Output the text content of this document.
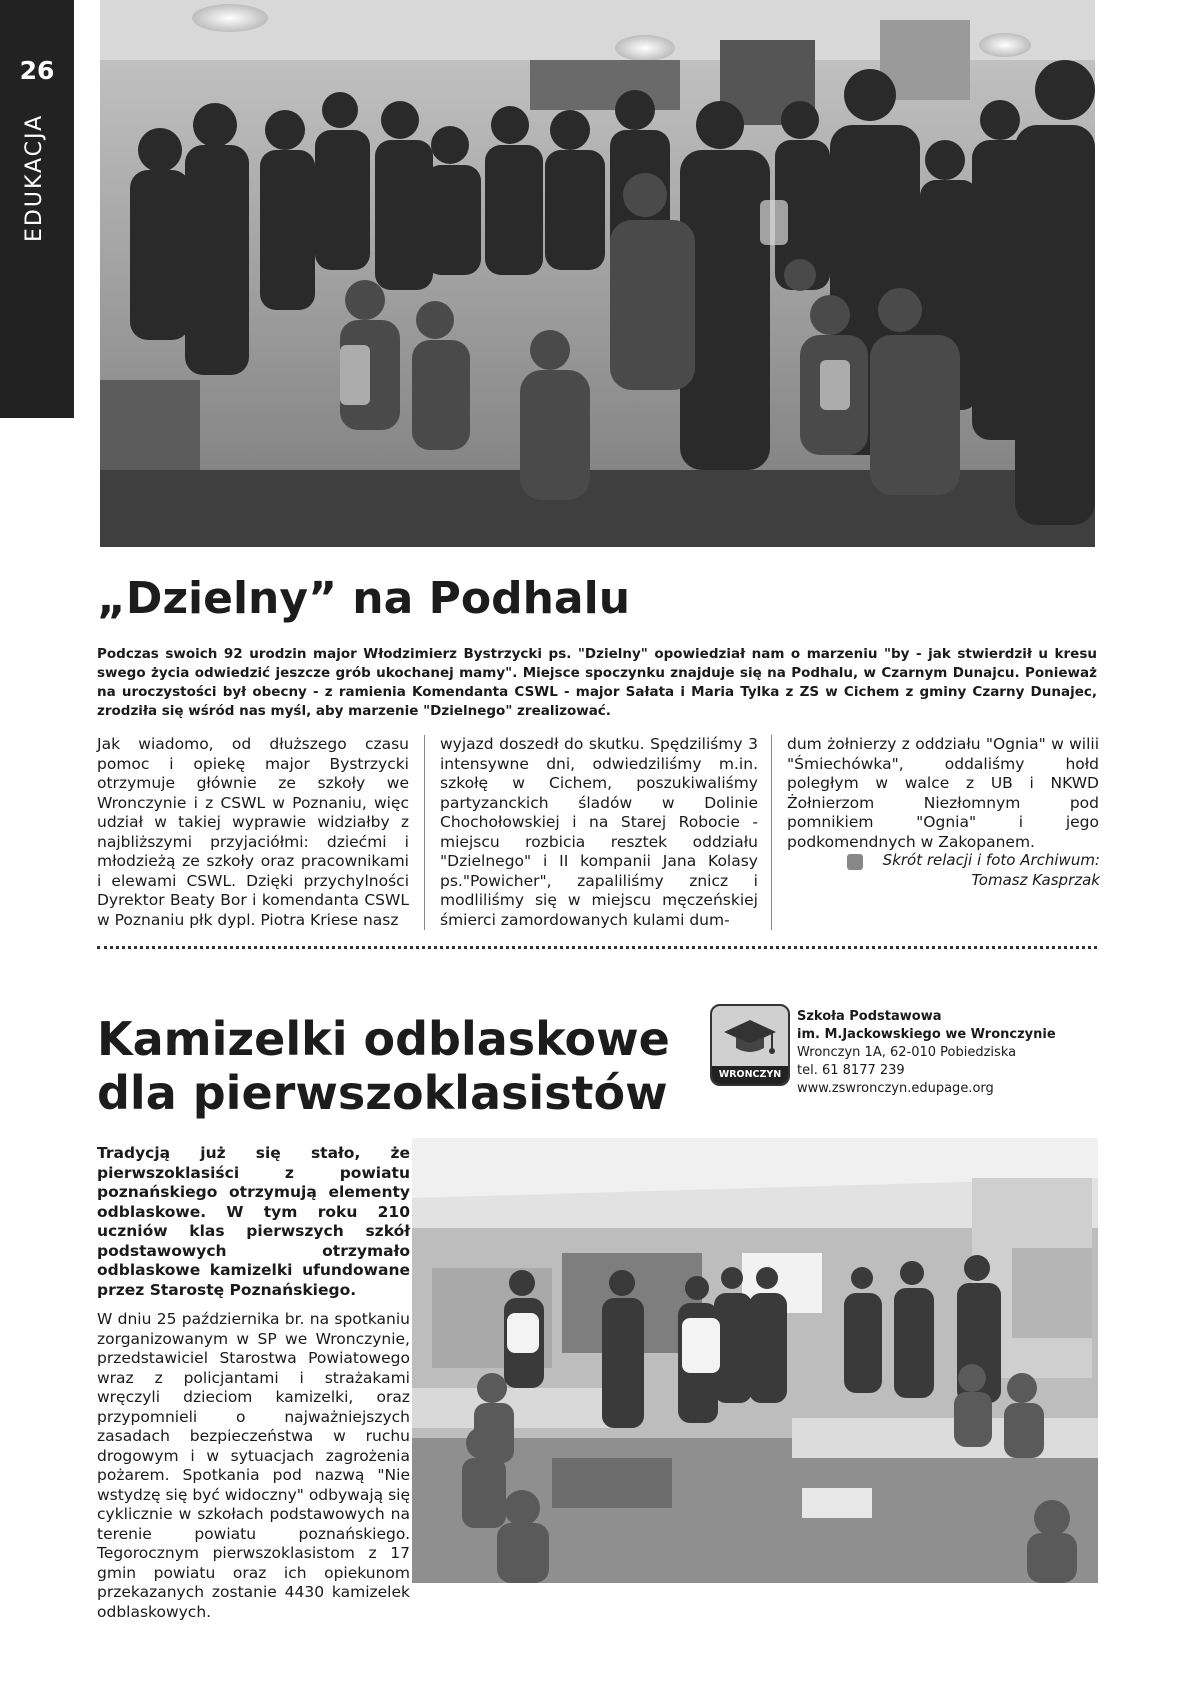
26
EDUKACJA
„Dzielny” na Podhalu

Podczas swoich 92 urodzin major Włodzimierz Bystrzycki ps. "Dzielny" opowiedział nam o marzeniu "by - jak stwierdził u kresu swego życia odwiedzić jeszcze grób ukochanej mamy". Miejsce spoczynku znajduje się na Podhalu, w Czarnym Dunajcu. Ponieważ na uroczystości był obecny - z ramienia Komendanta CSWL - major Sałata i Maria Tylka z ZS w Cichem z gminy Czarny Dunajec, zrodziła się wśród nas myśl, aby marzenie "Dzielnego" zrealizować.

Jak wiadomo, od dłuższego czasu pomoc i opiekę major Bystrzycki otrzymuje głównie ze szkoły we Wronczynie i z CSWL w Poznaniu, więc udział w takiej wyprawie widziałby z najbliższymi przyjaciółmi: dziećmi i młodzieżą ze szkoły oraz pracownikami i elewami CSWL. Dzięki przychylności Dyrektor Beaty Bor i komendanta CSWL w Poznaniu płk dypl. Piotra Kriese nasz

wyjazd doszedł do skutku. Spędziliśmy 3 intensywne dni, odwiedziliśmy m.in. szkołę w Cichem, poszukiwaliśmy partyzanckich śladów w Dolinie Chochołowskiej i na Starej Robocie - miejscu rozbicia resztek oddziału "Dzielnego" i II kompanii Jana Kolasy ps."Powicher", zapaliliśmy znicz i modliliśmy się w miejscu męczeńskiej śmierci zamordowanych kulami dum-

dum żołnierzy z oddziału "Ognia" w wilii "Śmiechówka", oddaliśmy hołd poległym w walce z UB i NKWD Żołnierzom Niezłomnym pod pomnikiem "Ognia" i jego podkomendnych w Zakopanem.

Skrót relacji i foto Archiwum:
Tomasz Kasprzak

Kamizelki odblaskowe
dla pierwszoklasistów	WRONCZYN
Szkoła Podstawowa
im. M.Jackowskiego we Wronczynie
Wronczyn 1A, 62-010 Pobiedziska
tel. 61 8177 239
www.zswronczyn.edupage.org

Tradycją już się stało, że pierwszoklasiści z powiatu poznańskiego otrzymują elementy odblaskowe. W tym roku 210 uczniów klas pierwszych szkół podstawowych otrzymało odblaskowe kamizelki ufundowane przez Starostę Poznańskiego.

W dniu 25 października br. na spotkaniu zorganizowanym w SP we Wronczynie, przedstawiciel Starostwa Powiatowego wraz z policjantami i strażakami wręczyli dzieciom kamizelki, oraz przypomnieli o najważniejszych zasadach bezpieczeństwa w ruchu drogowym i w sytuacjach zagrożenia pożarem. Spotkania pod nazwą "Nie wstydzę się być widoczny" odbywają się cyklicznie w szkołach podstawowych na terenie powiatu poznańskiego. Tegorocznym pierwszoklasistom z 17 gmin powiatu oraz ich opiekunom przekazanych zostanie 4430 kamizelek odblaskowych.
